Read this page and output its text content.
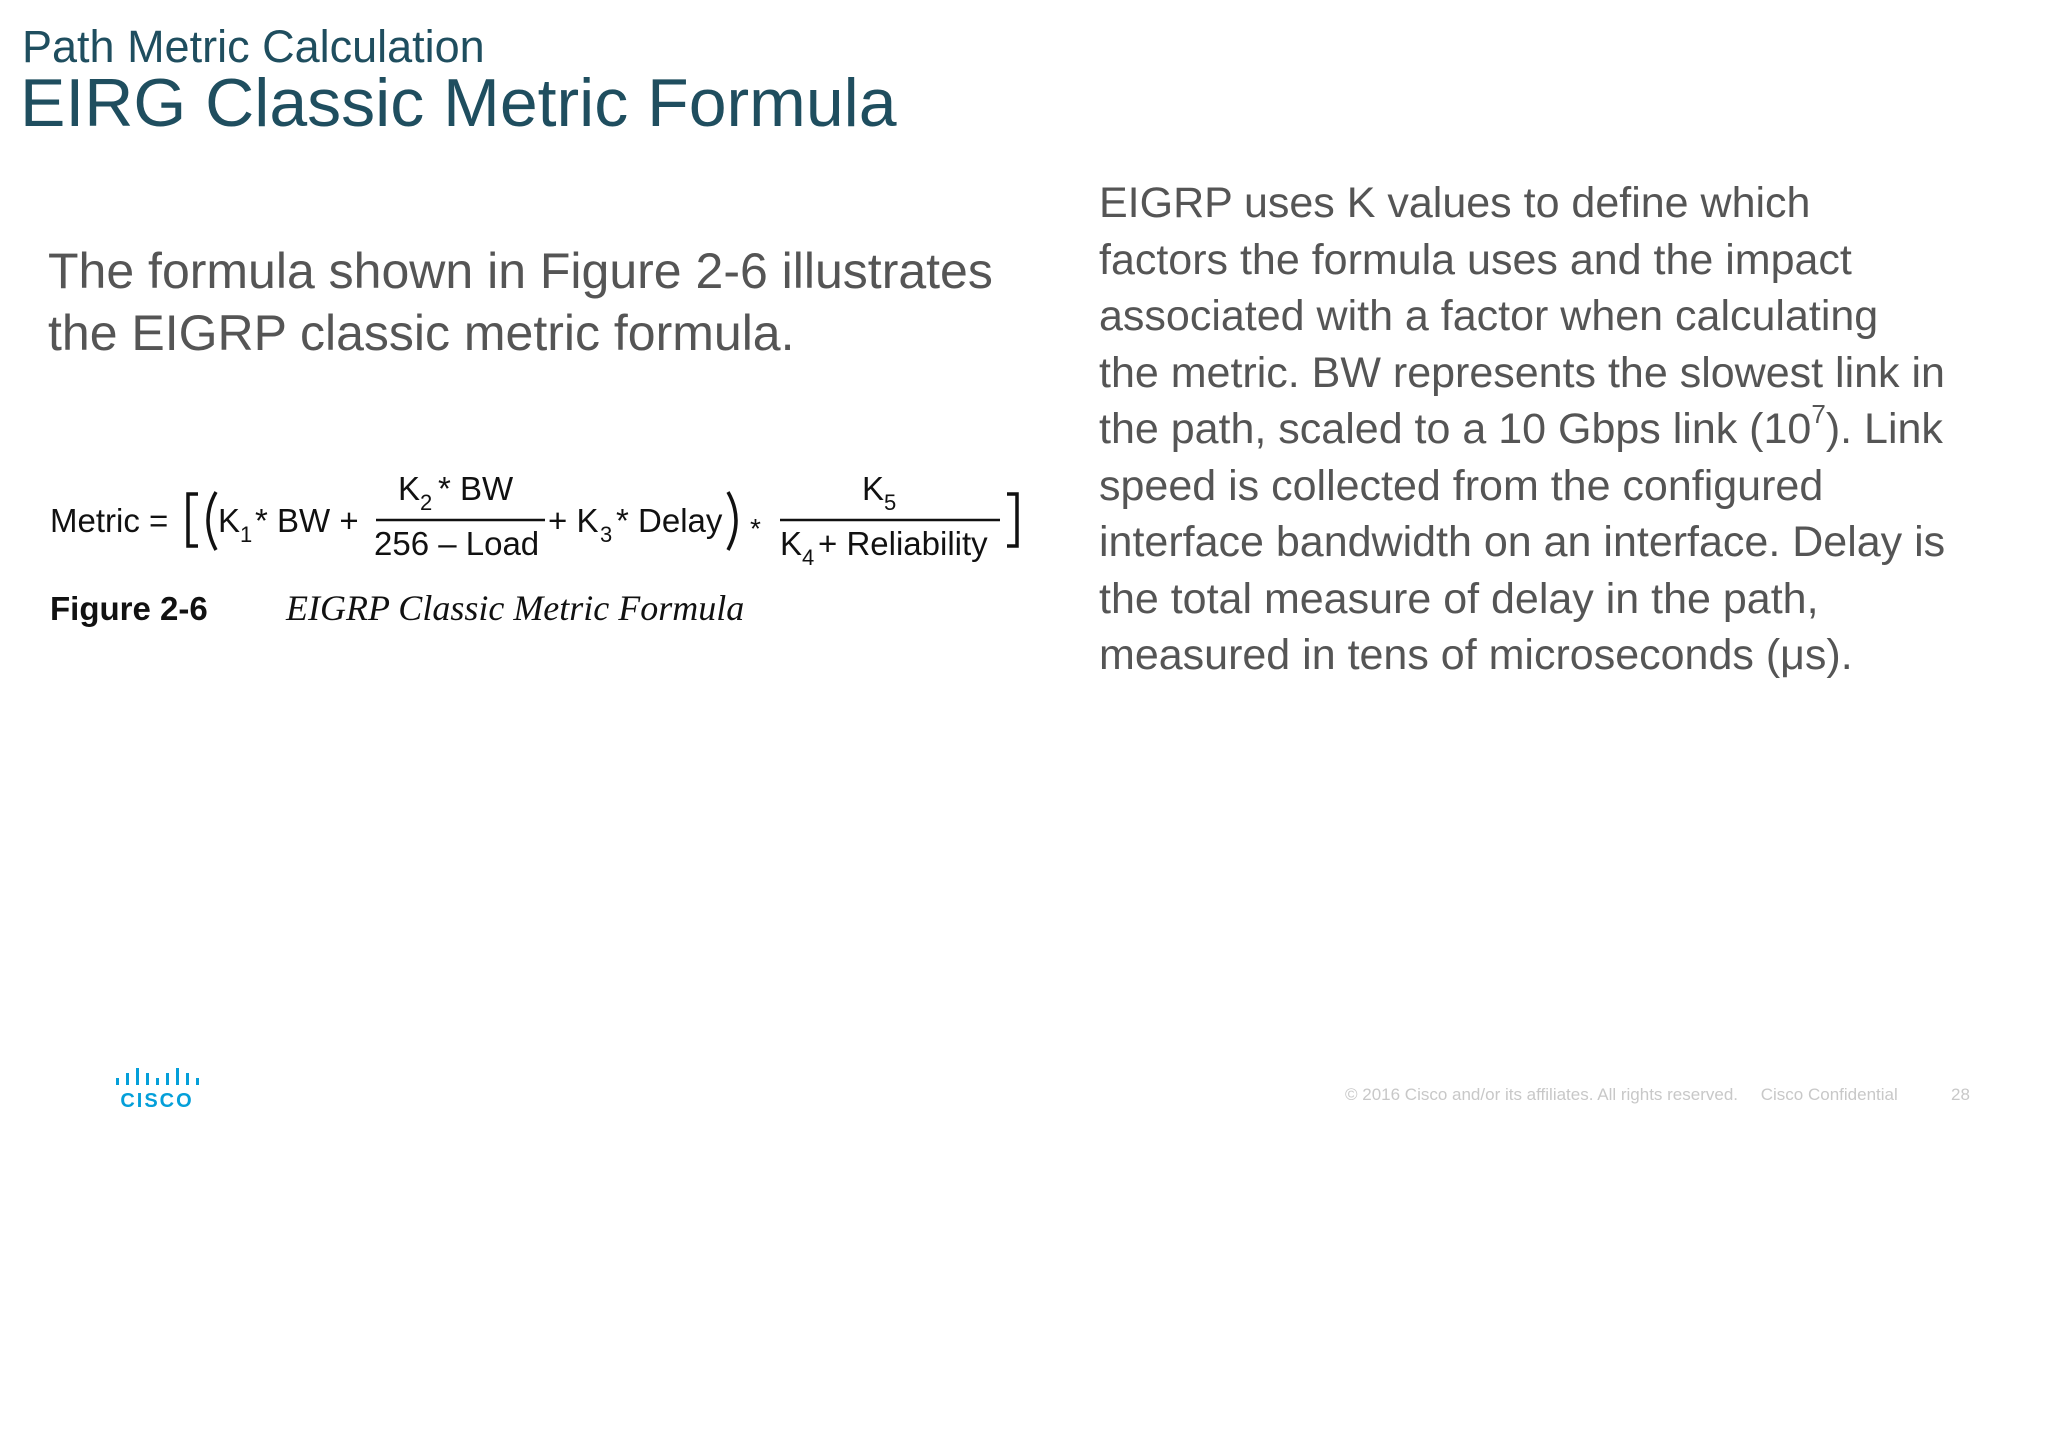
Path Metric Calculation
EIRG Classic Metric Formula
The formula shown in Figure 2-6 illustrates the EIGRP classic metric formula.

EIGRP uses K values to define which

factors the formula uses and the impact

associated with a factor when calculating

the metric. BW represents the slowest link in

the path, scaled to a 10 Gbps link $(10^7)$. Link

speed is collected from the configured

interface bandwidth on an interface. Delay is

the total measure of delay in the path,

measured in tens of microseconds (μs).

Metric = K 1 * BW +
K 2 * BW
256 – Load
+ K 3 * Delay *
K 5
K 4 + Reliability
Figure 2-6 EIGRP Classic Metric Formula
CISCO	© 2016 Cisco and/or its affiliates. All rights reserved. Cisco Confidential	28
